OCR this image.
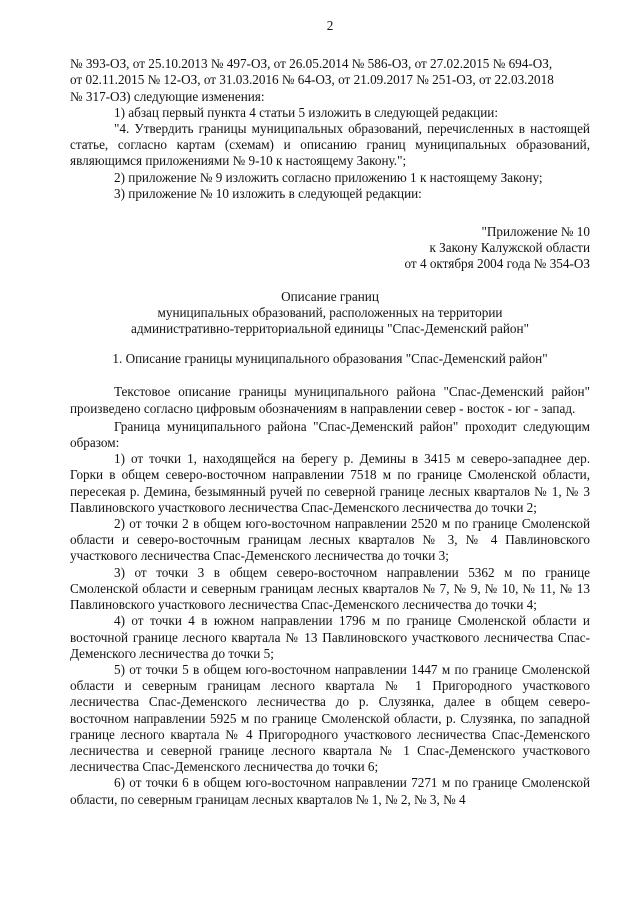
2
№ 393-ОЗ, от 25.10.2013 № 497-ОЗ, от 26.05.2014 № 586-ОЗ, от 27.02.2015 № 694-ОЗ,
от 02.11.2015 № 12-ОЗ, от 31.03.2016 № 64-ОЗ, от 21.09.2017 № 251-ОЗ, от 22.03.2018
№ 317-ОЗ) следующие изменения:
1) абзац первый пункта 4 статьи 5 изложить в следующей редакции:
"4. Утвердить границы муниципальных образований, перечисленных в настоящей статье, согласно картам (схемам) и описанию границ муниципальных образований, являющимся приложениями № 9-10 к настоящему Закону.";
2) приложение № 9 изложить согласно приложению 1 к настоящему Закону;
3) приложение № 10 изложить в следующей редакции:
"Приложение № 10
к Закону Калужской области
от 4 октября 2004 года № 354-ОЗ
Описание границ
муниципальных образований, расположенных на территории
административно-территориальной единицы "Спас-Деменский район"
1. Описание границы муниципального образования "Спас-Деменский район"
Текстовое описание границы муниципального района "Спас-Деменский район" произведено согласно цифровым обозначениям в направлении север - восток - юг - запад.
Граница муниципального района "Спас-Деменский район" проходит следующим образом:
1) от точки 1, находящейся на берегу р. Демины в 3415 м северо-западнее дер. Горки в общем северо-восточном направлении 7518 м по границе Смоленской области, пересекая р. Демина, безымянный ручей по северной границе лесных кварталов № 1, № 3 Павлиновского участкового лесничества Спас-Деменского лесничества до точки 2;
2) от точки 2 в общем юго-восточном направлении 2520 м по границе Смоленской области и северо-восточным границам лесных кварталов № 3, № 4 Павлиновского участкового лесничества Спас-Деменского лесничества до точки 3;
3) от точки 3 в общем северо-восточном направлении 5362 м по границе Смоленской области и северным границам лесных кварталов № 7, № 9, № 10, № 11, № 13 Павлиновского участкового лесничества Спас-Деменского лесничества до точки 4;
4) от точки 4 в южном направлении 1796 м по границе Смоленской области и восточной границе лесного квартала № 13 Павлиновского участкового лесничества Спас-Деменского лесничества до точки 5;
5) от точки 5 в общем юго-восточном направлении 1447 м по границе Смоленской области и северным границам лесного квартала № 1 Пригородного участкового лесничества Спас-Деменского лесничества до р. Слузянка, далее в общем северо-восточном направлении 5925 м по границе Смоленской области, р. Слузянка, по западной границе лесного квартала № 4 Пригородного участкового лесничества Спас-Деменского лесничества и северной границе лесного квартала № 1 Спас-Деменского участкового лесничества Спас-Деменского лесничества до точки 6;
6) от точки 6 в общем юго-восточном направлении 7271 м по границе Смоленской области, по северным границам лесных кварталов № 1, № 2, № 3, № 4
